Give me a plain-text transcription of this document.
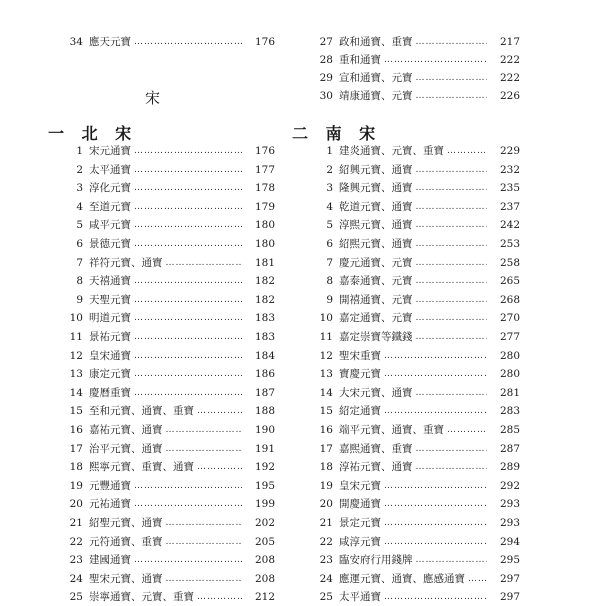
34 應天元寶 ……………………………………………………………………	176
宋
一 北 宋	二 南 宋
1 宋元通寶 ……………………………………………………………………	176
2 太平通寶 ……………………………………………………………………	177
3 淳化元寶 ……………………………………………………………………	178
4 至道元寶 ……………………………………………………………………	179
5 咸平元寶 ……………………………………………………………………	180
6 景德元寶 ……………………………………………………………………	180
7 祥符元寶、通寶 ……………………………………………………………………	181
8 天禧通寶 ……………………………………………………………………	182
9 天聖元寶 ……………………………………………………………………	182
10 明道元寶 ……………………………………………………………………	183
11 景祐元寶 ……………………………………………………………………	183
12 皇宋通寶 ……………………………………………………………………	184
13 康定元寶 ……………………………………………………………………	186
14 慶曆重寶 ……………………………………………………………………	187
15 至和元寶、通寶、重寶 ……………………………………………………………………	188
16 嘉祐元寶、通寶 ……………………………………………………………………	190
17 治平元寶、通寶 ……………………………………………………………………	191
18 熙寧元寶、重寶、通寶 ……………………………………………………………………	192
19 元豐通寶 ……………………………………………………………………	195
20 元祐通寶 ……………………………………………………………………	199
21 紹聖元寶、通寶 ……………………………………………………………………	202
22 元符通寶、重寶 ……………………………………………………………………	205
23 建國通寶 ……………………………………………………………………	208
24 聖宋元寶、通寶 ……………………………………………………………………	208
25 崇寧通寶、元寶、重寶 ……………………………………………………………………	212
27 政和通寶、重寶 ……………………………………………………………………	217
28 重和通寶 ……………………………………………………………………	222
29 宣和通寶、元寶 ……………………………………………………………………	222
30 靖康通寶、元寶 ……………………………………………………………………	226
1 建炎通寶、元寶、重寶 ……………………………………………………………………	229
2 紹興元寶、通寶 ……………………………………………………………………	232
3 隆興元寶、通寶 ……………………………………………………………………	235
4 乾道元寶、通寶 ……………………………………………………………………	237
5 淳熙元寶、通寶 ……………………………………………………………………	242
6 紹熙元寶、通寶 ……………………………………………………………………	253
7 慶元通寶、元寶 ……………………………………………………………………	258
8 嘉泰通寶、元寶 ……………………………………………………………………	265
9 開禧通寶、元寶 ……………………………………………………………………	268
10 嘉定通寶、元寶 ……………………………………………………………………	270
11 嘉定崇寶等鐵錢 ……………………………………………………………………	277
12 聖宋重寶 ……………………………………………………………………	280
13 寶慶元寶 ……………………………………………………………………	280
14 大宋元寶、通寶 ……………………………………………………………………	281
15 紹定通寶 ……………………………………………………………………	283
16 端平元寶、通寶、重寶 ……………………………………………………………………	285
17 嘉熙通寶、重寶 ……………………………………………………………………	287
18 淳祐元寶、通寶 ……………………………………………………………………	289
19 皇宋元寶 ……………………………………………………………………	292
20 開慶通寶 ……………………………………………………………………	293
21 景定元寶 ……………………………………………………………………	293
22 咸淳元寶 ……………………………………………………………………	294
23 臨安府行用錢牌 ……………………………………………………………………	295
24 應運元寶、通寶、應感通寶 ……………………………………………………………………	297
25 太平通寶 ……………………………………………………………………	297
